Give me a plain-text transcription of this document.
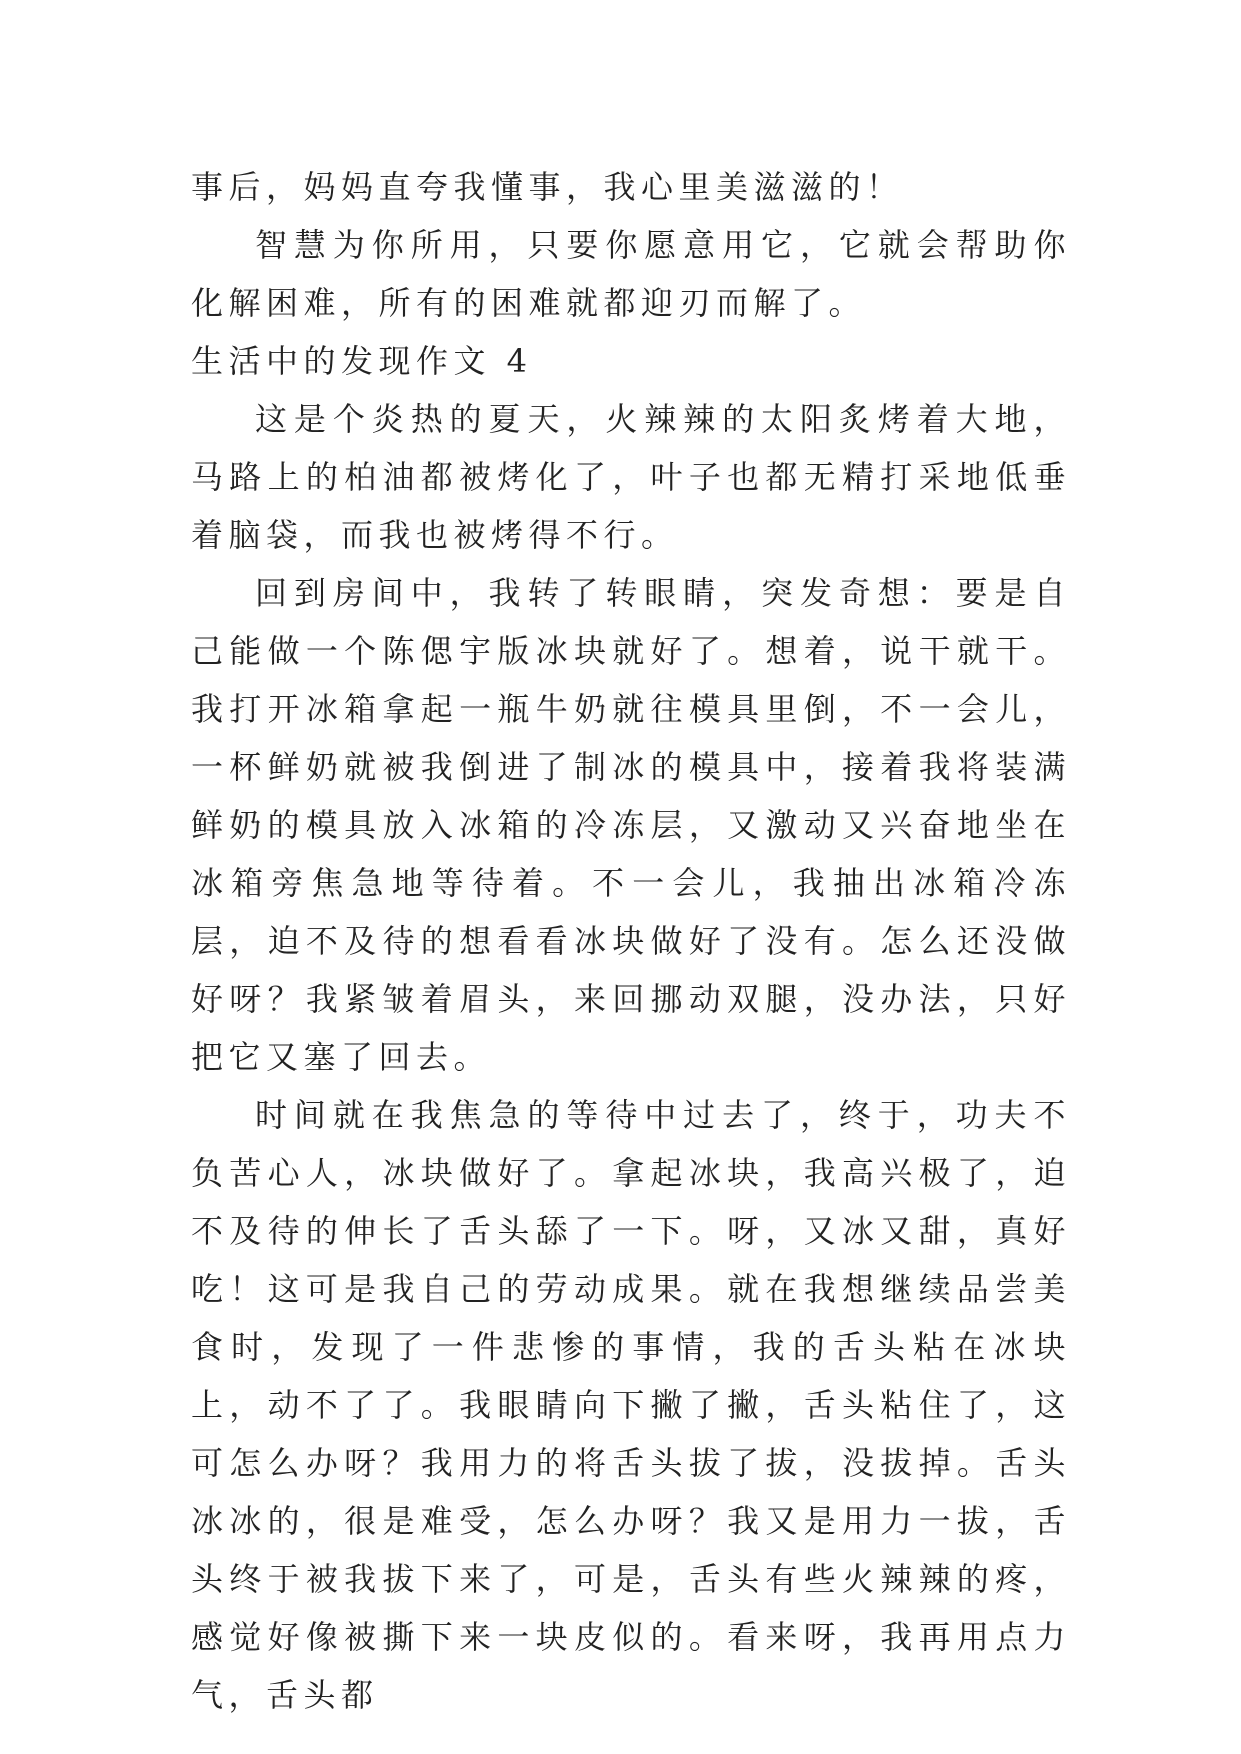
事后，妈妈直夸我懂事，我心里美滋滋的！

智慧为你所用，只要你愿意用它，它就会帮助你化解困难，所有的困难就都迎刃而解了。

生活中的发现作文 4

这是个炎热的夏天，火辣辣的太阳炙烤着大地，马路上的柏油都被烤化了，叶子也都无精打采地低垂着脑袋，而我也被烤得不行。

回到房间中，我转了转眼睛，突发奇想：要是自己能做一个陈偲宇版冰块就好了。想着，说干就干。我打开冰箱拿起一瓶牛奶就往模具里倒，不一会儿，一杯鲜奶就被我倒进了制冰的模具中，接着我将装满鲜奶的模具放入冰箱的冷冻层，又激动又兴奋地坐在冰箱旁焦急地等待着。不一会儿，我抽出冰箱冷冻层，迫不及待的想看看冰块做好了没有。怎么还没做好呀？我紧皱着眉头，来回挪动双腿，没办法，只好把它又塞了回去。

时间就在我焦急的等待中过去了，终于，功夫不负苦心人，冰块做好了。拿起冰块，我高兴极了，迫不及待的伸长了舌头舔了一下。呀，又冰又甜，真好吃！这可是我自己的劳动成果。就在我想继续品尝美食时，发现了一件悲惨的事情，我的舌头粘在冰块上，动不了了。我眼睛向下撇了撇，舌头粘住了，这可怎么办呀？我用力的将舌头拔了拔，没拔掉。舌头冰冰的，很是难受，怎么办呀？我又是用力一拔，舌头终于被我拔下来了，可是，舌头有些火辣辣的疼，感觉好像被撕下来一块皮似的。看来呀，我再用点力气，舌头都
